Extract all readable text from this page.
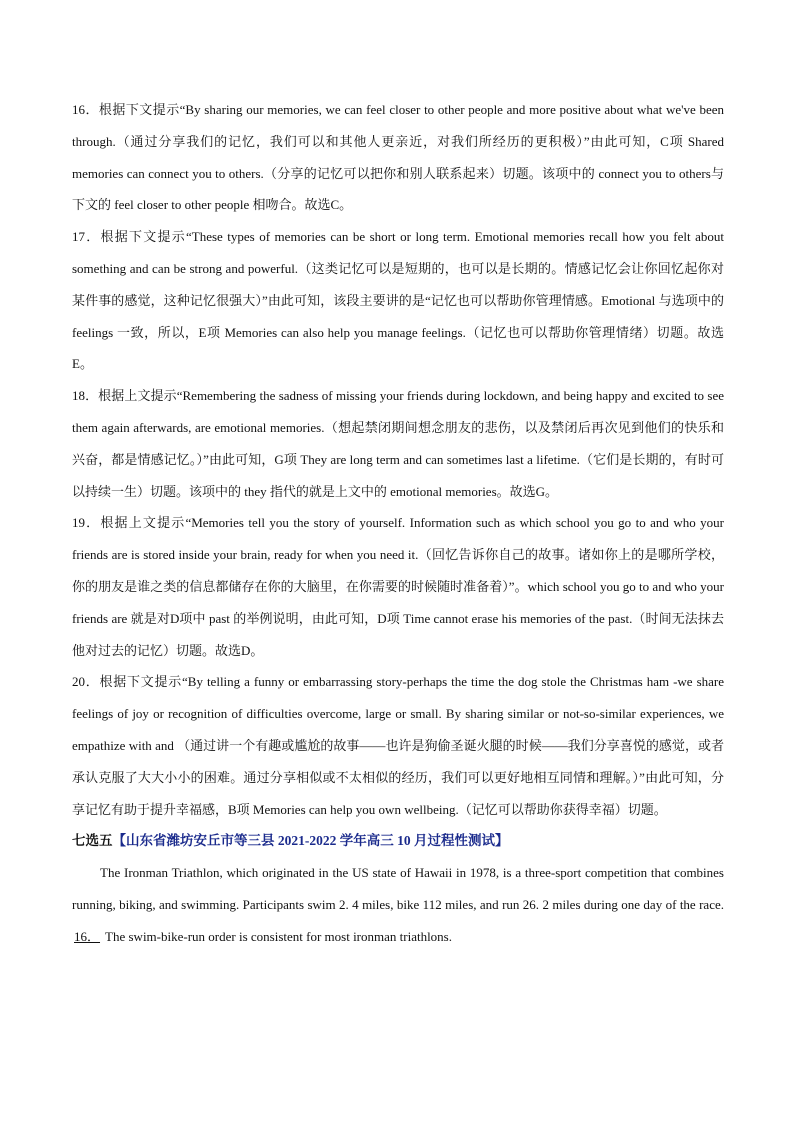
16．根据下文提示“By sharing our memories, we can feel closer to other people and more positive about what we've been through.（通过分享我们的记忆，我们可以和其他人更亲近，对我们所经历的更积极）”由此可知，C项 Shared memories can connect you to others.（分享的记忆可以把你和别人联系起来）切题。该项中的 connect you to others与下文的 feel closer to other people 相吻合。故选C。

17．根据下文提示“These types of memories can be short or long term. Emotional memories recall how you felt about something and can be strong and powerful.（这类记忆可以是短期的，也可以是长期的。情感记忆会让你回忆起你对某件事的感觉，这种记忆很强大）”由此可知，该段主要讲的是“记忆也可以帮助你管理情感。Emotional 与选项中的 feelings 一致，所以，E项 Memories can also help you manage feelings.（记忆也可以帮助你管理情绪）切题。故选E。

18．根据上文提示“Remembering the sadness of missing your friends during lockdown, and being happy and excited to see them again afterwards, are emotional memories.（想起禁闭期间想念朋友的悲伤，以及禁闭后再次见到他们的快乐和兴奋，都是情感记忆。）”由此可知，G项 They are long term and can sometimes last a lifetime.（它们是长期的，有时可以持续一生）切题。该项中的 they 指代的就是上文中的 emotional memories。故选G。

19．根据上文提示“Memories tell you the story of yourself. Information such as which school you go to and who your friends are is stored inside your brain, ready for when you need it.（回忆告诉你自己的故事。诸如你上的是哪所学校，你的朋友是谁之类的信息都储存在你的大脑里，在你需要的时候随时准备着）”。which school you go to and who your friends are 就是对D项中 past 的举例说明，由此可知，D项 Time cannot erase his memories of the past.（时间无法抹去他对过去的记忆）切题。故选D。

20．根据下文提示“By telling a funny or embarrassing story-perhaps the time the dog stole the Christmas ham -we share feelings of joy or recognition of difficulties overcome, large or small. By sharing similar or not-so-similar experiences, we empathize with and （通过讲一个有趣或尴尬的故事——也许是狗偷圣诞火腿的时候——我们分享喜悦的感觉，或者承认克服了大大小小的困难。通过分享相似或不太相似的经历，我们可以更好地相互同情和理解。）”由此可知，分享记忆有助于提升幸福感，B项 Memories can help you own wellbeing.（记忆可以帮助你获得幸福）切题。

七选五【山东省潍坊安丘市等三县 2021-2022 学年高三 10 月过程性测试】

The Ironman Triathlon, which originated in the US state of Hawaii in 1978, is a three-sport competition that combines running, biking, and swimming. Participants swim 2. 4 miles, bike 112 miles, and run 26. 2 miles during one day of the race. 16． The swim-bike-run order is consistent for most ironman triathlons.
